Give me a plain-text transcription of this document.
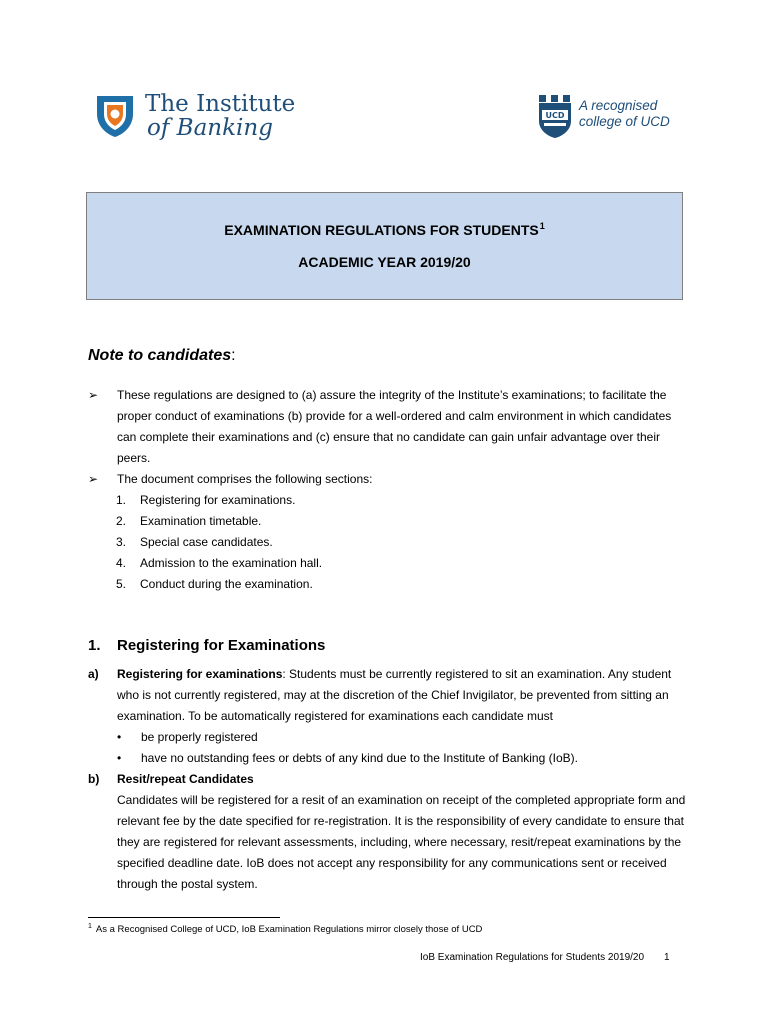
The Institute
of Banking	UCD
A recognised
college of UCD
EXAMINATION REGULATIONS FOR STUDENTS$^1$
ACADEMIC YEAR 2019/20
Note to candidates:
➢	These regulations are designed to (a) assure the integrity of the Institute’s examinations; to facilitate the proper conduct of examinations (b) provide for a well-ordered and calm environment in which candidates can complete their examinations and (c) ensure that no candidate can gain unfair advantage over their peers.
➢	The document comprises the following sections:
1.	Registering for examinations.
2.	Examination timetable.
3.	Special case candidates.
4.	Admission to the examination hall.
5.	Conduct during the examination.
1.	Registering for Examinations
a)	Registering for examinations: Students must be currently registered to sit an examination. Any student who is not currently registered, may at the discretion of the Chief Invigilator, be prevented from sitting an examination. To be automatically registered for examinations each candidate must
•	be properly registered
•	have no outstanding fees or debts of any kind due to the Institute of Banking (IoB).
b)	Resit/repeat Candidates
Candidates will be registered for a resit of an examination on receipt of the completed appropriate form and relevant fee by the date specified for re-registration. It is the responsibility of every candidate to ensure that they are registered for relevant assessments, including, where necessary, resit/repeat examinations by the specified deadline date. IoB does not accept any responsibility for any communications sent or received through the postal system.
$^1$ As a Recognised College of UCD, IoB Examination Regulations mirror closely those of UCD
IoB Examination Regulations for Students 2019/20 1
